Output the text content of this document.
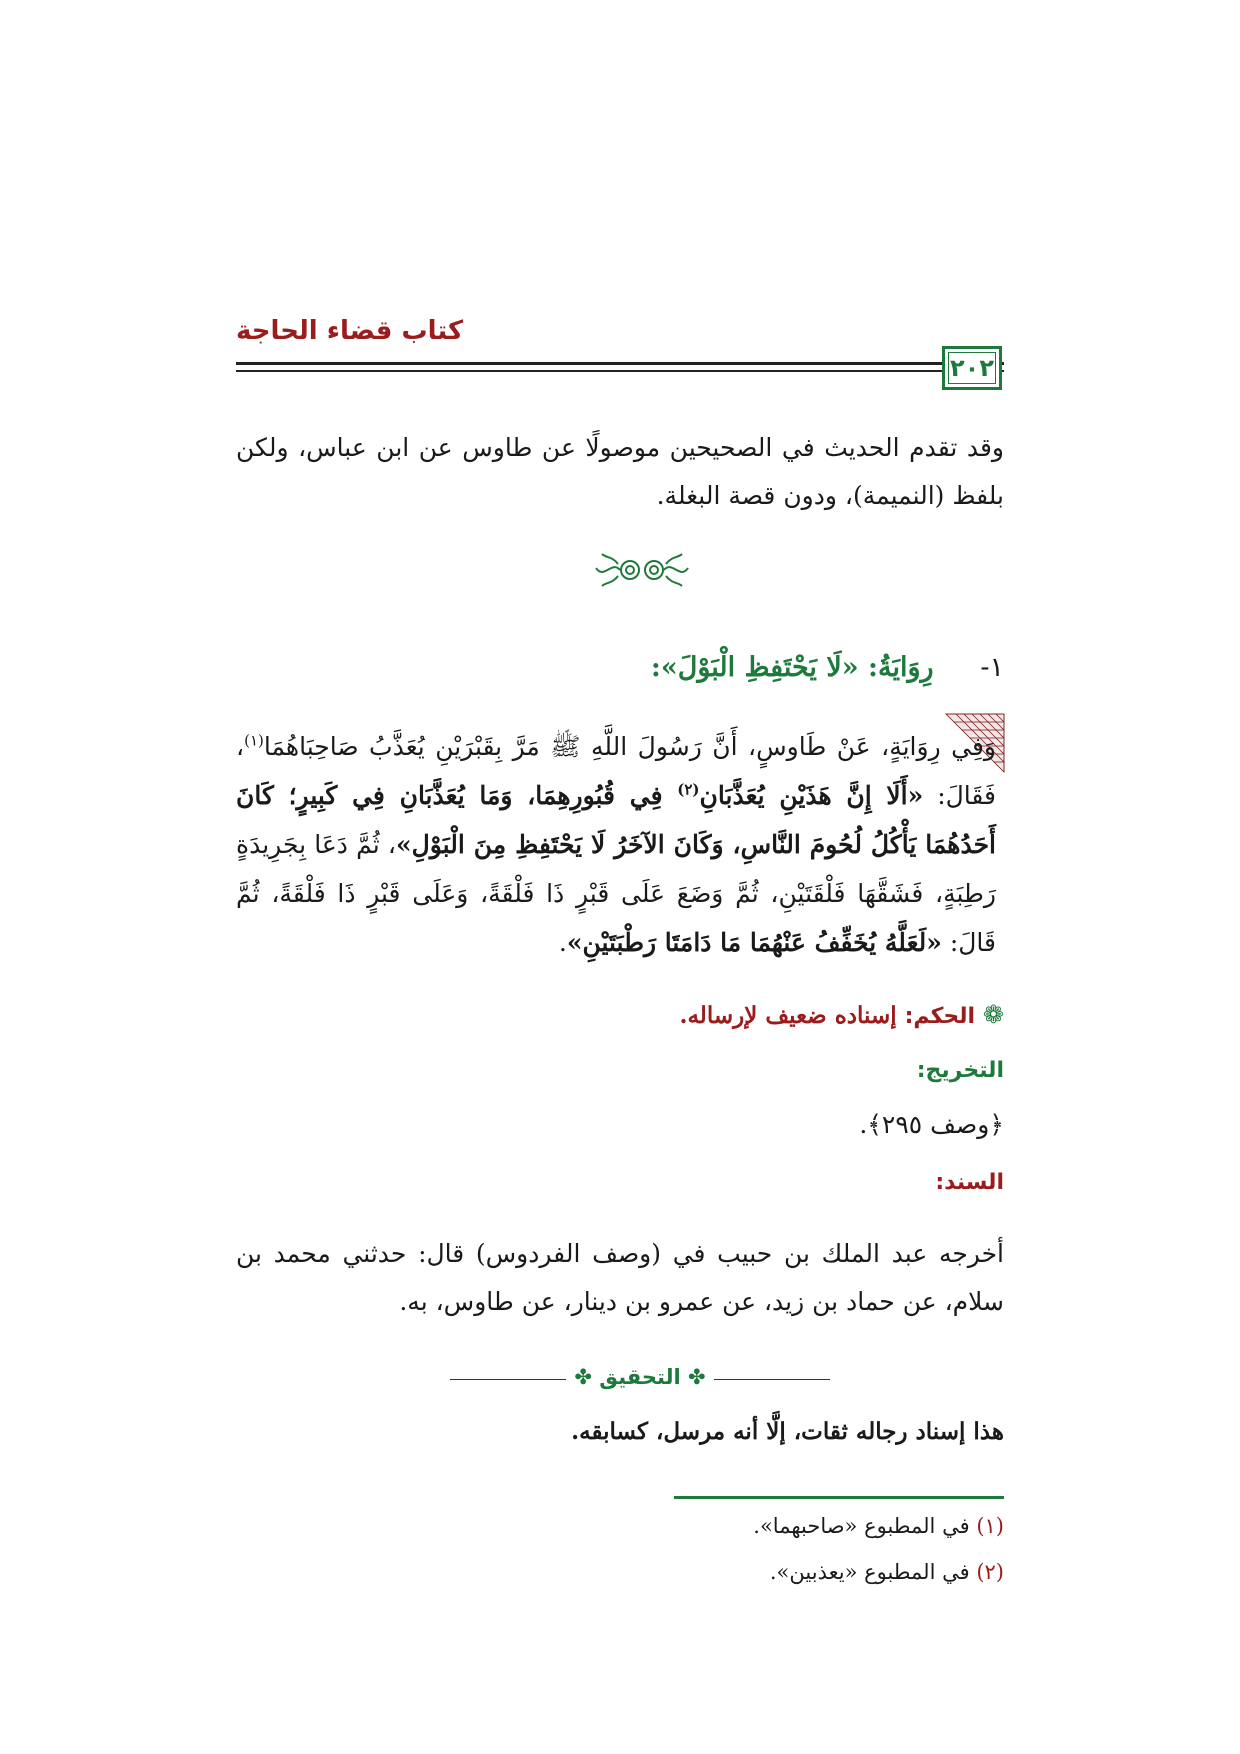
كتاب قضاء الحاجة
٢٠٢
وقد تقدم الحديث في الصحيحين موصولًا عن طاوس عن ابن عباس، ولكن بلفظ (النميمة)، ودون قصة البغلة.
١-  رِوَايَةُ: «لَا يَحْتَفِظِ الْبَوْلَ»:
وَفِي رِوَايَةٍ، عَنْ طَاوسٍ، أَنَّ رَسُولَ اللَّهِ ﷺ مَرَّ بِقَبْرَيْنِ يُعَذَّبُ صَاحِبَاهُمَا$^{(١)}$، فَقَالَ: «أَلَا إِنَّ هَذَيْنِ يُعَذَّبَانِ$^{(٢)}$ فِي قُبُورِهِمَا، وَمَا يُعَذَّبَانِ فِي كَبِيرٍ؛ كَانَ أَحَدُهُمَا يَأْكُلُ لُحُومَ النَّاسِ، وَكَانَ الآخَرُ لَا يَحْتَفِظِ مِنَ الْبَوْلِ»، ثُمَّ دَعَا بِجَرِيدَةٍ رَطِبَةٍ، فَشَقَّهَا فَلْقَتَيْنِ، ثُمَّ وَضَعَ عَلَى قَبْرٍ ذَا فَلْقَةً، وَعَلَى قَبْرٍ ذَا فَلْقَةً، ثُمَّ قَالَ: «لَعَلَّهُ يُخَفِّفُ عَنْهُمَا مَا دَامَتَا رَطْبَتَيْنِ».
❁ الحكم: إسناده ضعيف لإرساله.
التخريج:
﴿وصف ٢٩٥﴾.
السند:
أخرجه عبد الملك بن حبيب في (وصف الفردوس) قال: حدثني محمد بن سلام، عن حماد بن زيد، عن عمرو بن دينار، عن طاوس، به.
✤ التحقيق ✤
هذا إسناد رجاله ثقات، إلَّا أنه مرسل، كسابقه.
(١) في المطبوع «صاحبهما».
(٢) في المطبوع «يعذبين».
